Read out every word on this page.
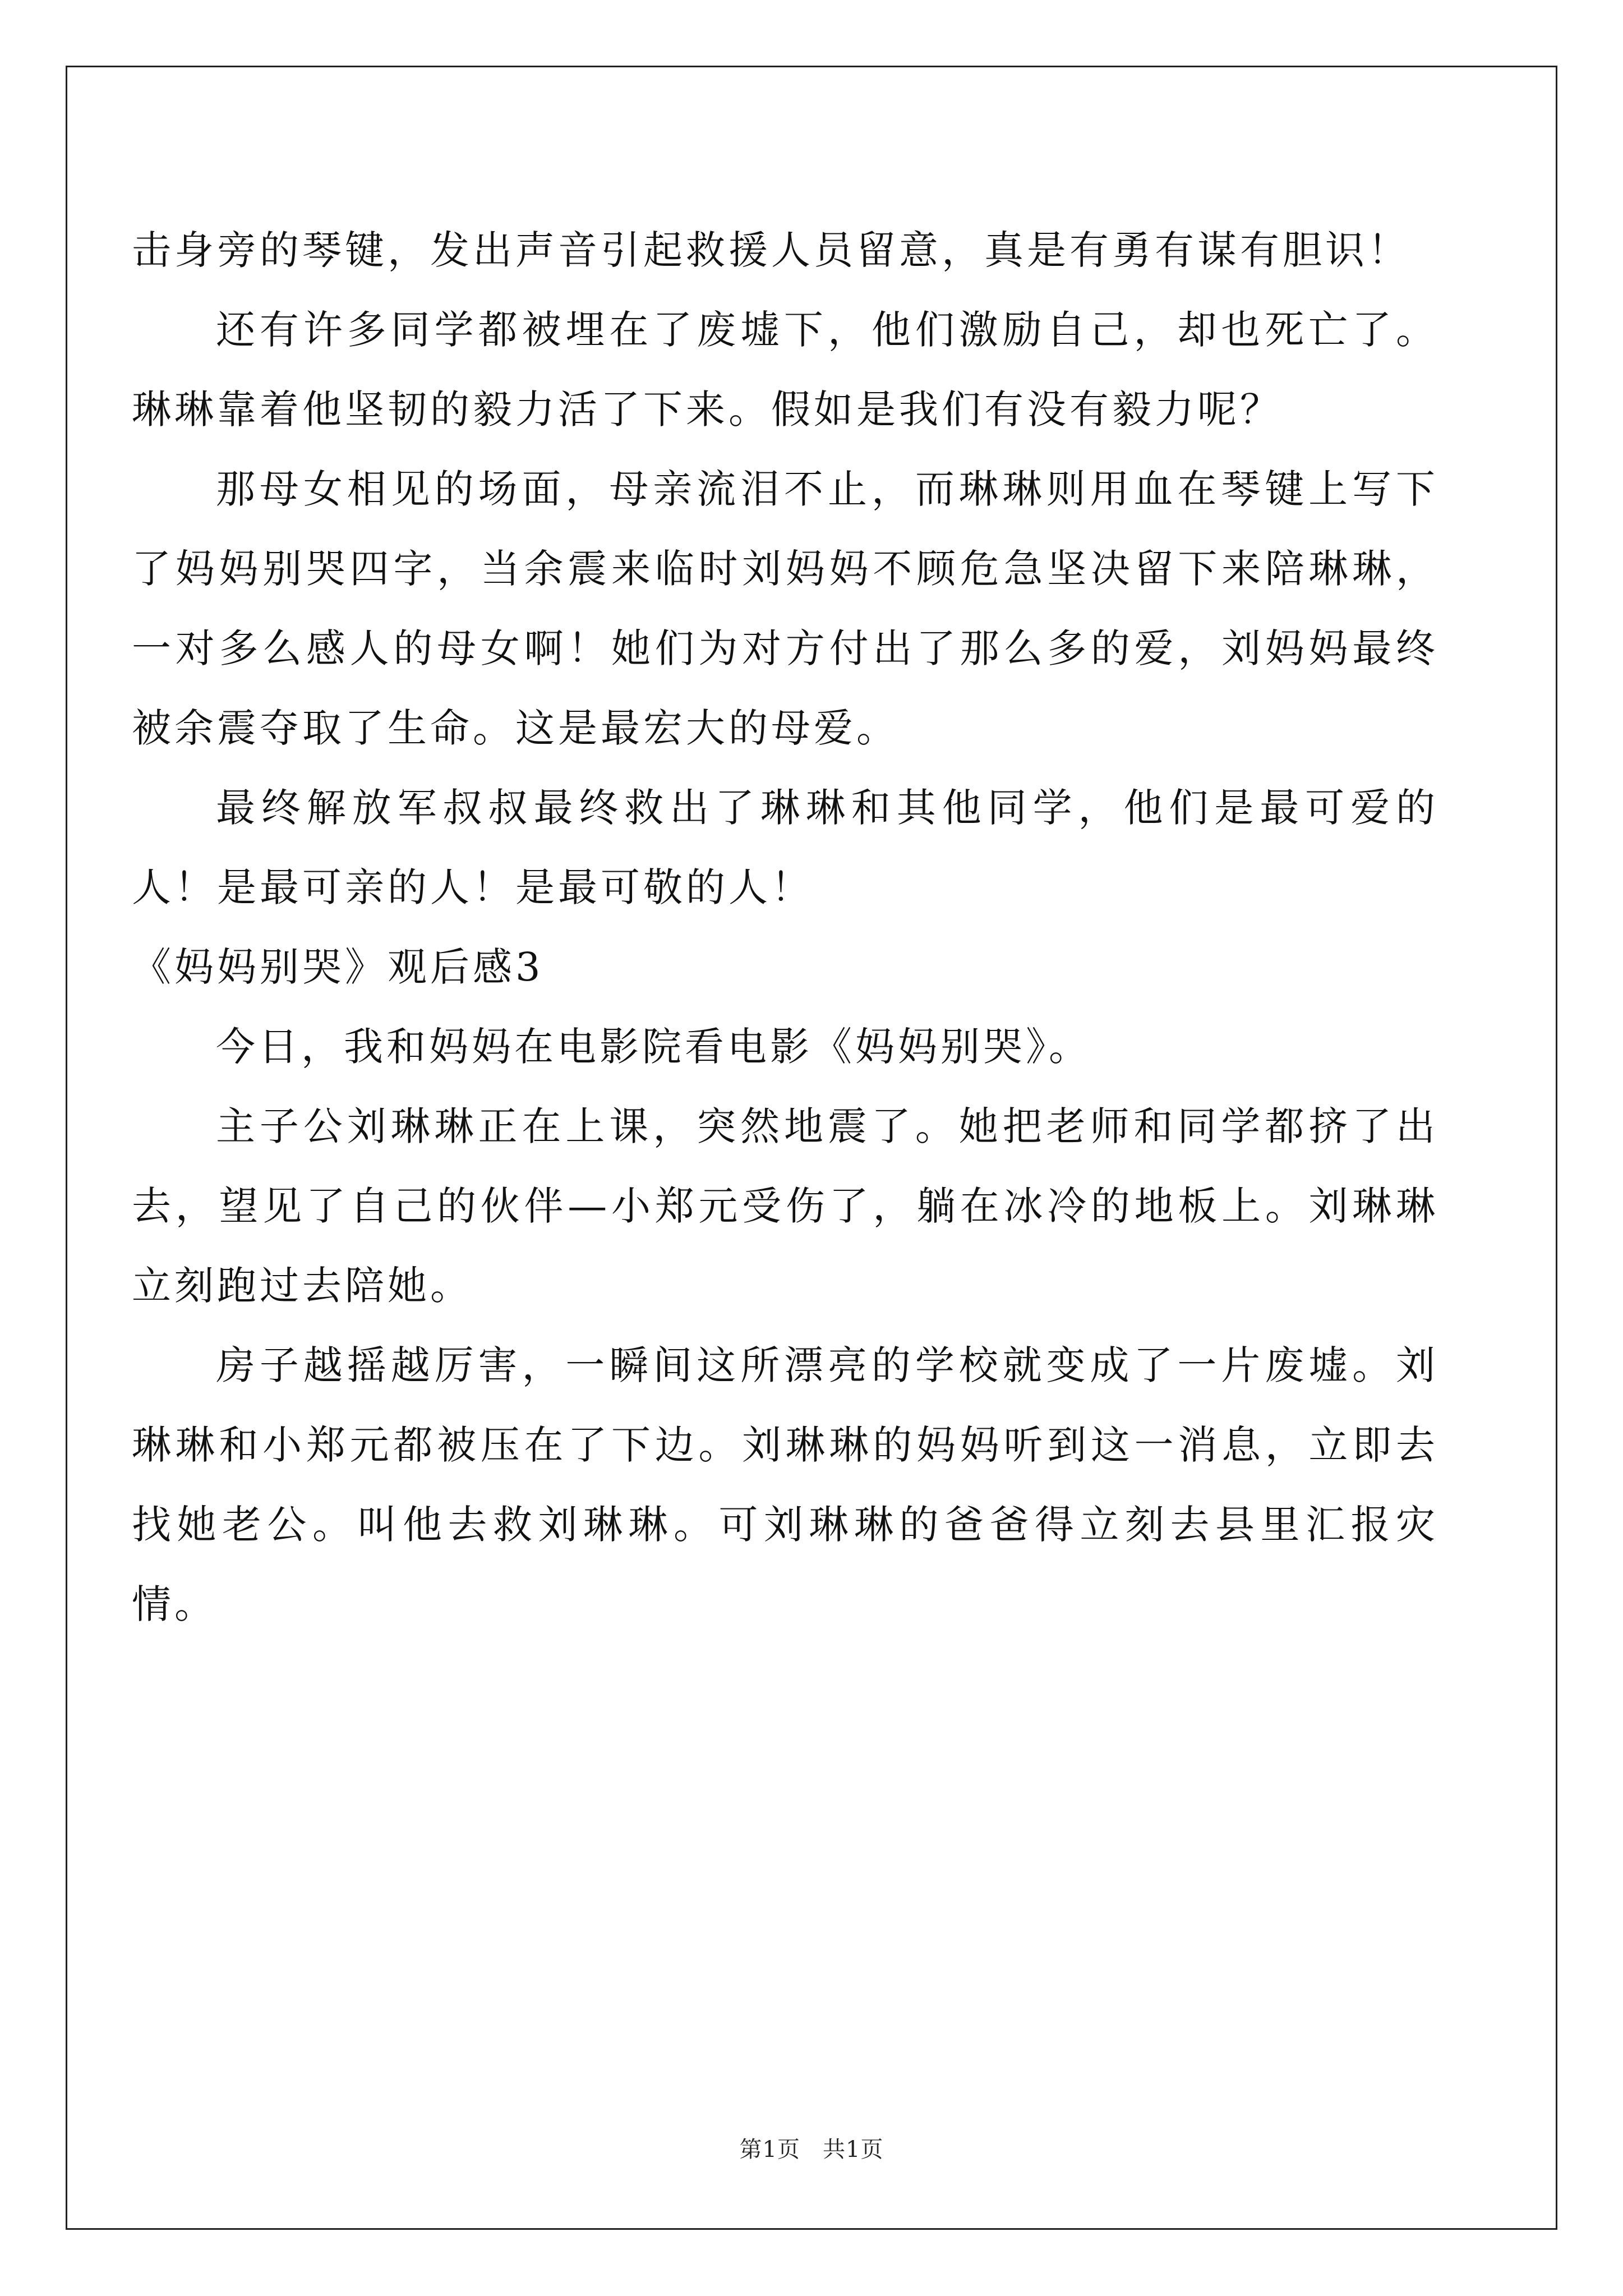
击身旁的琴键，发出声音引起救援人员留意，真是有勇有谋有胆识！

还有许多同学都被埋在了废墟下，他们激励自己，却也死亡了。琳琳靠着他坚韧的毅力活了下来。假如是我们有没有毅力呢？

那母女相见的场面，母亲流泪不止，而琳琳则用血在琴键上写下了妈妈别哭四字，当余震来临时刘妈妈不顾危急坚决留下来陪琳琳，一对多么感人的母女啊！她们为对方付出了那么多的爱，刘妈妈最终被余震夺取了生命。这是最宏大的母爱。

最终解放军叔叔最终救出了琳琳和其他同学，他们是最可爱的人！是最可亲的人！是最可敬的人！

《妈妈别哭》观后感3

今日，我和妈妈在电影院看电影《妈妈别哭》。

主子公刘琳琳正在上课，突然地震了。她把老师和同学都挤了出去，望见了自己的伙伴—小郑元受伤了，躺在冰冷的地板上。刘琳琳立刻跑过去陪她。

房子越摇越厉害，一瞬间这所漂亮的学校就变成了一片废墟。刘琳琳和小郑元都被压在了下边。刘琳琳的妈妈听到这一消息，立即去找她老公。叫他去救刘琳琳。可刘琳琳的爸爸得立刻去县里汇报灾情。

第1页 共1页
